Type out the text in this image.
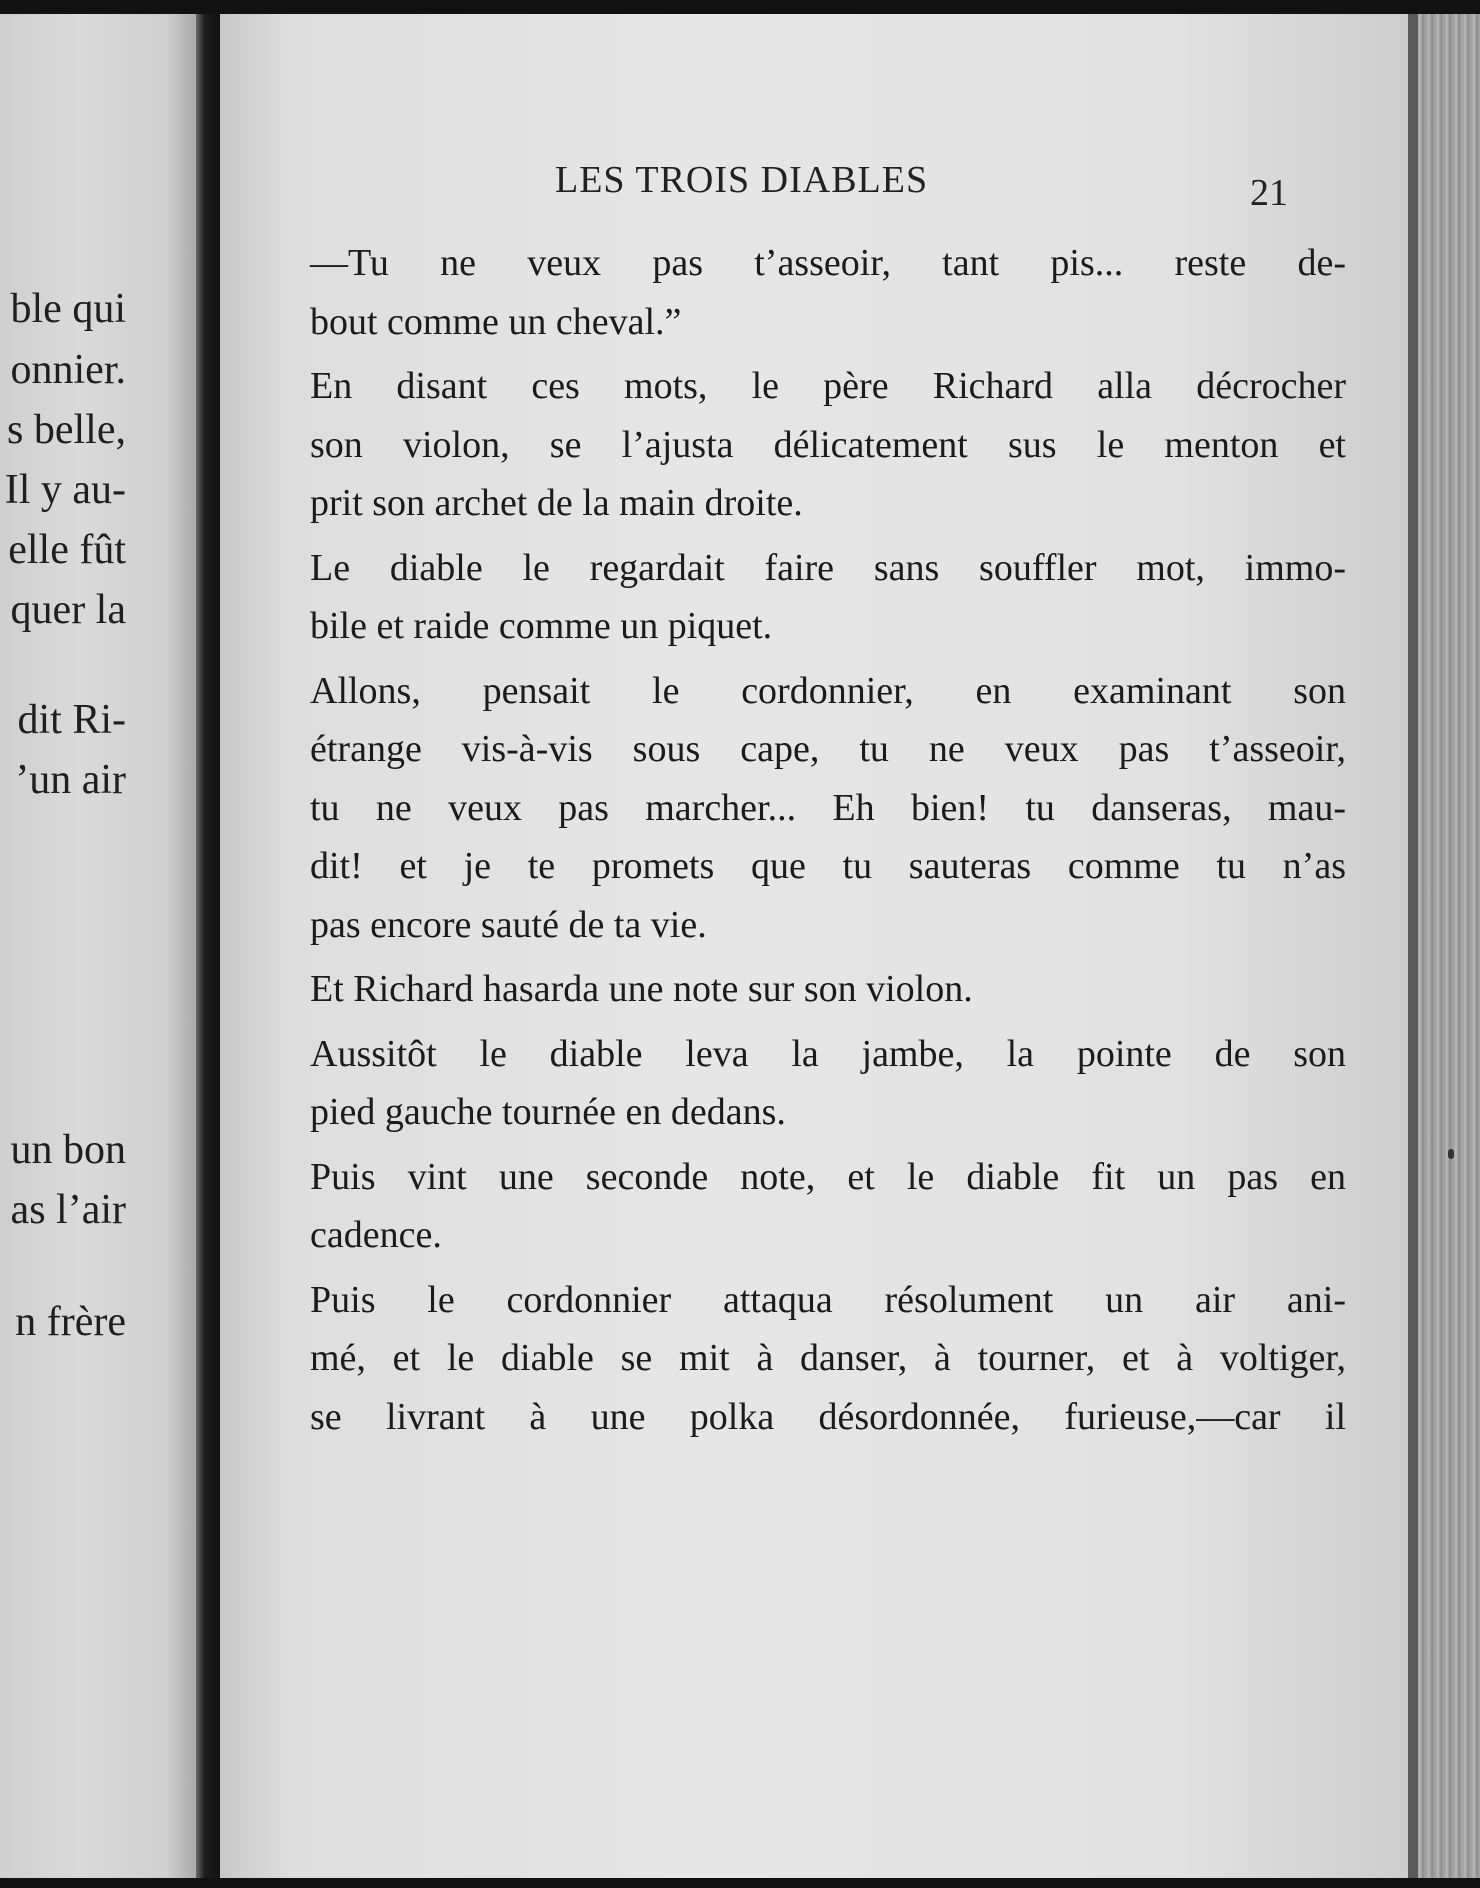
ble qui
onnier.
s belle,
Il y au-
elle fût
quer la
dit Ri-
’un air
un bon
as l’air
n frère
LES TROIS DIABLES	21
—Tu ne veux pas t’asseoir, tant pis... reste de-
bout comme un cheval.”
En disant ces mots, le père Richard alla décrocher
son violon, se l’ajusta délicatement sus le menton et
prit son archet de la main droite.
Le diable le regardait faire sans souffler mot, immo-
bile et raide comme un piquet.
Allons, pensait le cordonnier, en examinant son
étrange vis-à-vis sous cape, tu ne veux pas t’asseoir,
tu ne veux pas marcher... Eh bien! tu danseras, mau-
dit! et je te promets que tu sauteras comme tu n’as
pas encore sauté de ta vie.
Et Richard hasarda une note sur son violon.
Aussitôt le diable leva la jambe, la pointe de son
pied gauche tournée en dedans.
Puis vint une seconde note, et le diable fit un pas en
cadence.
Puis le cordonnier attaqua résolument un air ani-
mé, et le diable se mit à danser, à tourner, et à voltiger,
se livrant à une polka désordonnée, furieuse,—car il
